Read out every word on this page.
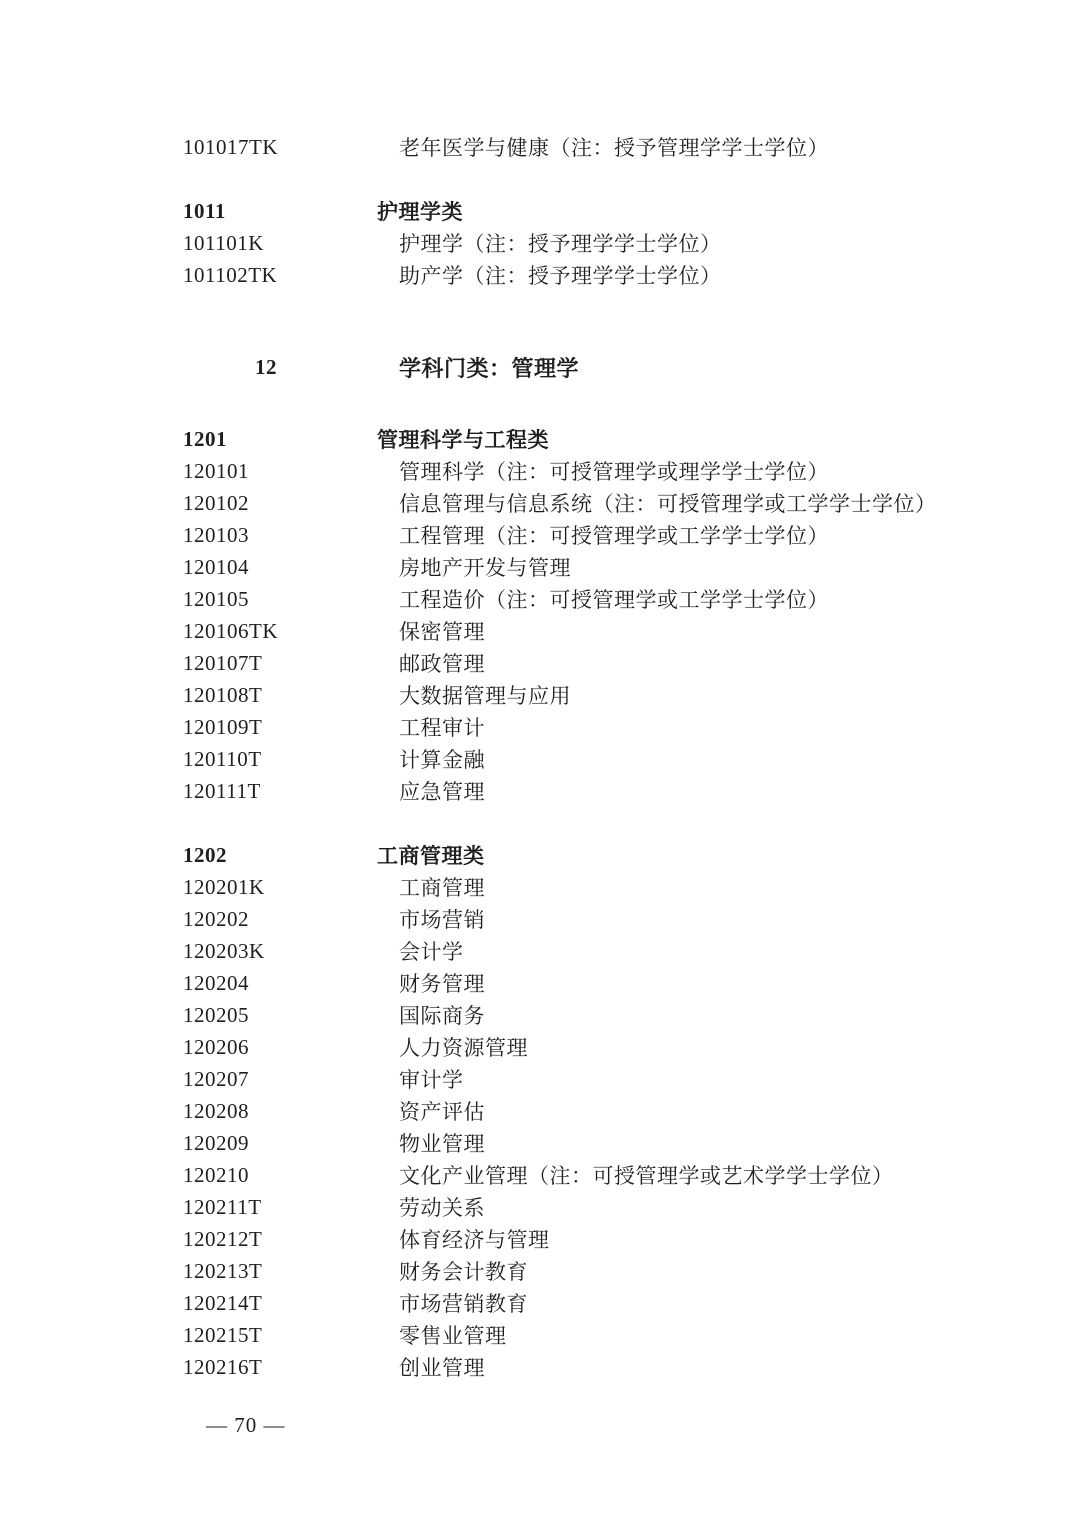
101017TK	老年医学与健康（注：授予管理学学士学位）
1011	护理学类
101101K	护理学（注：授予理学学士学位）
101102TK	助产学（注：授予理学学士学位）
12	学科门类：管理学
1201	管理科学与工程类
120101	管理科学（注：可授管理学或理学学士学位）
120102	信息管理与信息系统（注：可授管理学或工学学士学位）
120103	工程管理（注：可授管理学或工学学士学位）
120104	房地产开发与管理
120105	工程造价（注：可授管理学或工学学士学位）
120106TK	保密管理
120107T	邮政管理
120108T	大数据管理与应用
120109T	工程审计
120110T	计算金融
120111T	应急管理
1202	工商管理类
120201K	工商管理
120202	市场营销
120203K	会计学
120204	财务管理
120205	国际商务
120206	人力资源管理
120207	审计学
120208	资产评估
120209	物业管理
120210	文化产业管理（注：可授管理学或艺术学学士学位）
120211T	劳动关系
120212T	体育经济与管理
120213T	财务会计教育
120214T	市场营销教育
120215T	零售业管理
120216T	创业管理
— 70 —
